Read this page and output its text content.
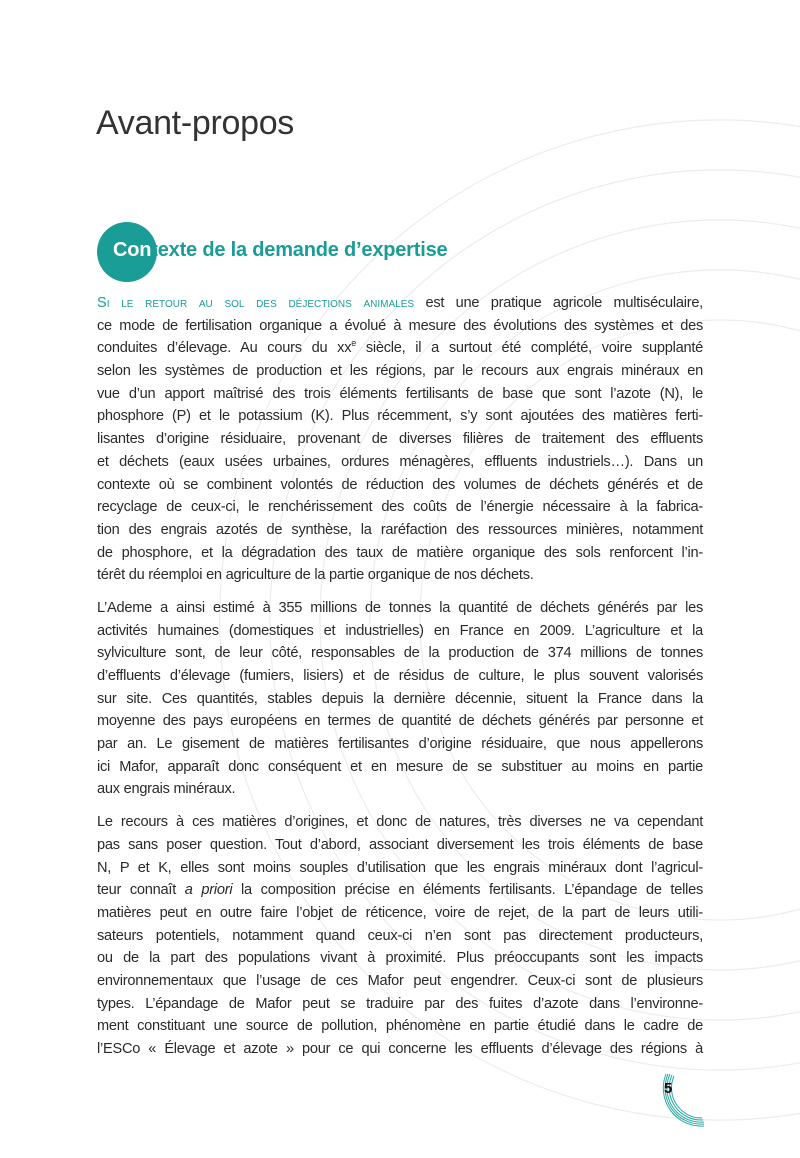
Avant-propos
Contexte de la demande d’expertise

Si le retour au sol des déjections animales est une pratique agricole multiséculaire,
ce mode de fertilisation organique a évolué à mesure des évolutions des systèmes et des
conduites d’élevage. Au cours du $xx^e$ siècle, il a surtout été complété, voire supplanté
selon les systèmes de production et les régions, par le recours aux engrais minéraux en
vue d’un apport maîtrisé des trois éléments fertilisants de base que sont l’azote (N), le
phosphore (P) et le potassium (K). Plus récemment, s’y sont ajoutées des matières ferti-
lisantes d’origine résiduaire, provenant de diverses filières de traitement des effluents
et déchets (eaux usées urbaines, ordures ménagères, effluents industriels…). Dans un
contexte où se combinent volontés de réduction des volumes de déchets générés et de
recyclage de ceux-ci, le renchérissement des coûts de l’énergie nécessaire à la fabrica-
tion des engrais azotés de synthèse, la raréfaction des ressources minières, notamment
de phosphore, et la dégradation des taux de matière organique des sols renforcent l’in-
térêt du réemploi en agriculture de la partie organique de nos déchets.

L’Ademe a ainsi estimé à 355 millions de tonnes la quantité de déchets générés par les
activités humaines (domestiques et industrielles) en France en 2009. L’agriculture et la
sylviculture sont, de leur côté, responsables de la production de 374 millions de tonnes
d’effluents d’élevage (fumiers, lisiers) et de résidus de culture, le plus souvent valorisés
sur site. Ces quantités, stables depuis la dernière décennie, situent la France dans la
moyenne des pays européens en termes de quantité de déchets générés par personne et
par an. Le gisement de matières fertilisantes d’origine résiduaire, que nous appellerons
ici Mafor, apparaît donc conséquent et en mesure de se substituer au moins en partie
aux engrais minéraux.

Le recours à ces matières d’origines, et donc de natures, très diverses ne va cependant
pas sans poser question. Tout d’abord, associant diversement les trois éléments de base
N, P et K, elles sont moins souples d’utilisation que les engrais minéraux dont l’agricul-
teur connaît a priori la composition précise en éléments fertilisants. L’épandage de telles
matières peut en outre faire l’objet de réticence, voire de rejet, de la part de leurs utili-
sateurs potentiels, notamment quand ceux-ci n’en sont pas directement producteurs,
ou de la part des populations vivant à proximité. Plus préoccupants sont les impacts
environnementaux que l’usage de ces Mafor peut engendrer. Ceux-ci sont de plusieurs
types. L’épandage de Mafor peut se traduire par des fuites d’azote dans l’environne-
ment constituant une source de pollution, phénomène en partie étudié dans le cadre de
l’ESCo « Élevage et azote » pour ce qui concerne les effluents d’élevage des régions à

5
